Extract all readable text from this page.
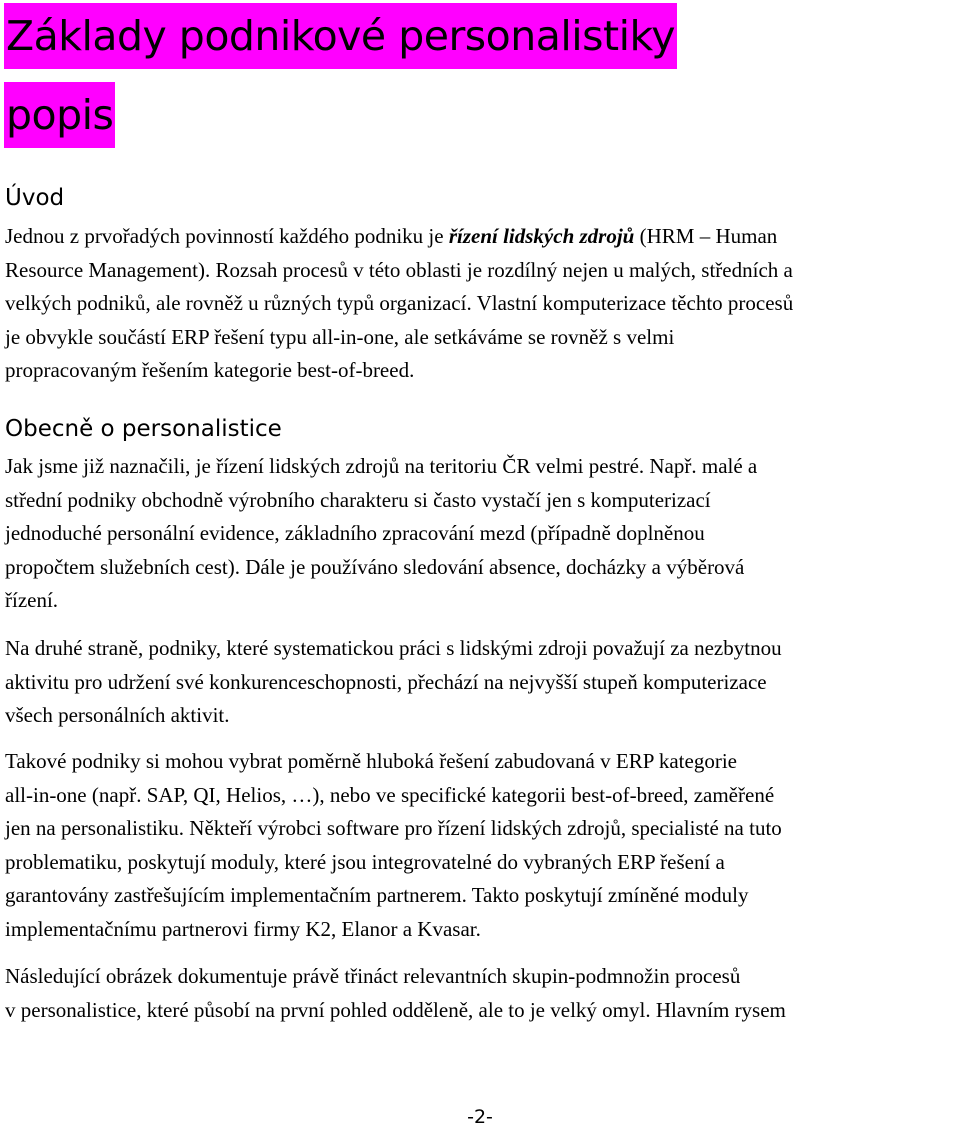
Základy podnikové personalistiky
popis
Úvod
Jednou z prvořadých povinností každého podniku je řízení lidských zdrojů (HRM – Human
Resource Management). Rozsah procesů v této oblasti je rozdílný nejen u malých, středních a
velkých podniků, ale rovněž u různých typů organizací. Vlastní komputerizace těchto procesů
je obvykle součástí ERP řešení typu all-in-one, ale setkáváme se rovněž s velmi
propracovaným řešením kategorie best-of-breed.
Obecně o personalistice
Jak jsme již naznačili, je řízení lidských zdrojů na teritoriu ČR velmi pestré. Např. malé a
střední podniky obchodně výrobního charakteru si často vystačí jen s komputerizací
jednoduché personální evidence, základního zpracování mezd (případně doplněnou
propočtem služebních cest). Dále je používáno sledování absence, docházky a výběrová
řízení.
Na druhé straně, podniky, které systematickou práci s lidskými zdroji považují za nezbytnou
aktivitu pro udržení své konkurenceschopnosti, přechází na nejvyšší stupeň komputerizace
všech personálních aktivit.
Takové podniky si mohou vybrat poměrně hluboká řešení zabudovaná v ERP kategorie
all-in-one (např. SAP, QI, Helios, …), nebo ve specifické kategorii best-of-breed, zaměřené
jen na personalistiku. Někteří výrobci software pro řízení lidských zdrojů, specialisté na tuto
problematiku, poskytují moduly, které jsou integrovatelné do vybraných ERP řešení a
garantovány zastřešujícím implementačním partnerem. Takto poskytují zmíněné moduly
implementačnímu partnerovi firmy K2, Elanor a Kvasar.
Následující obrázek dokumentuje právě třináct relevantních skupin-podmnožin procesů
v personalistice, které působí na první pohled odděleně, ale to je velký omyl. Hlavním rysem
-2-
